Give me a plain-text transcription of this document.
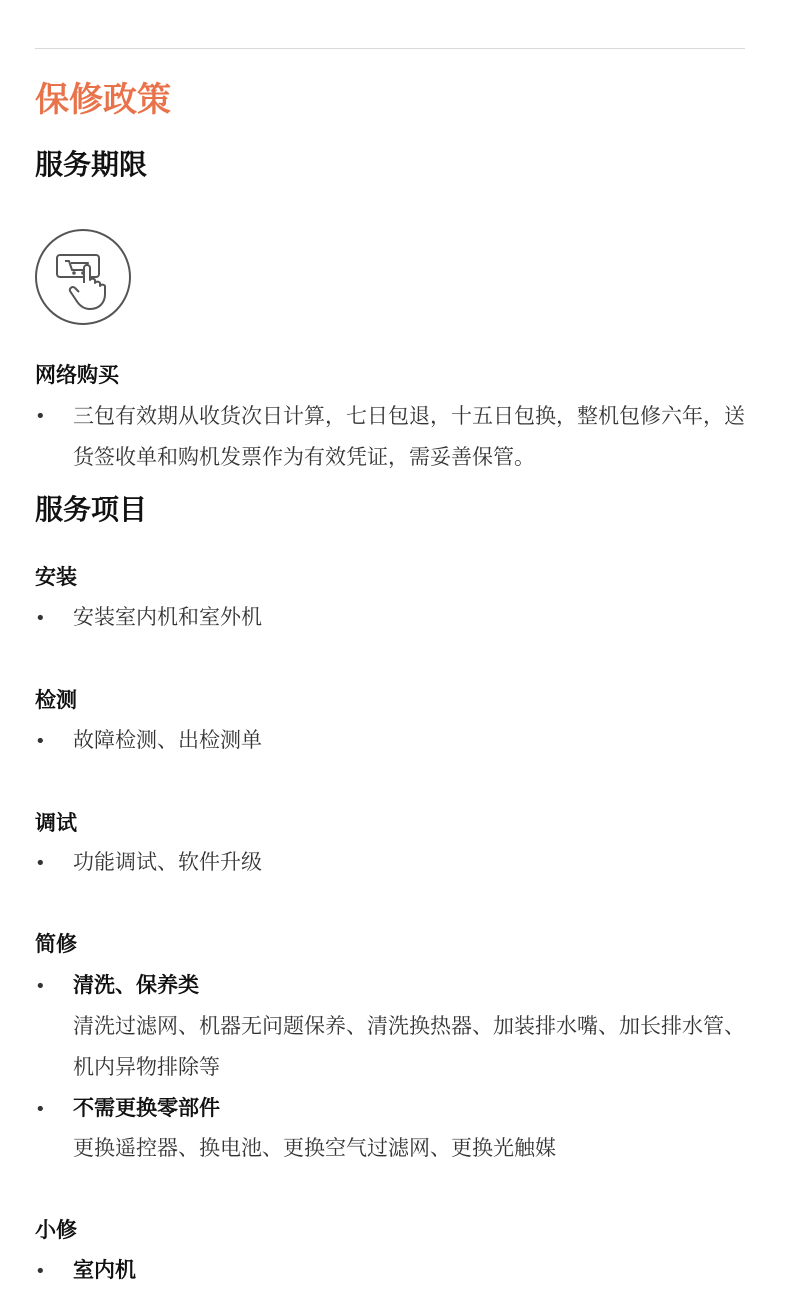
保修政策
服务期限
网络购买
• 三包有效期从收货次日计算，七日包退，十五日包换，整机包修六年，送货签收单和购机发票作为有效凭证，需妥善保管。
服务项目
安装
• 安装室内机和室外机
检测
• 故障检测、出检测单
调试
• 功能调试、软件升级
简修
• 清洗、保养类
清洗过滤网、机器无问题保养、清洗换热器、加装排水嘴、加长排水管、机内异物排除等
• 不需更换零部件
更换遥控器、换电池、更换空气过滤网、更换光触媒
小修
• 室内机
